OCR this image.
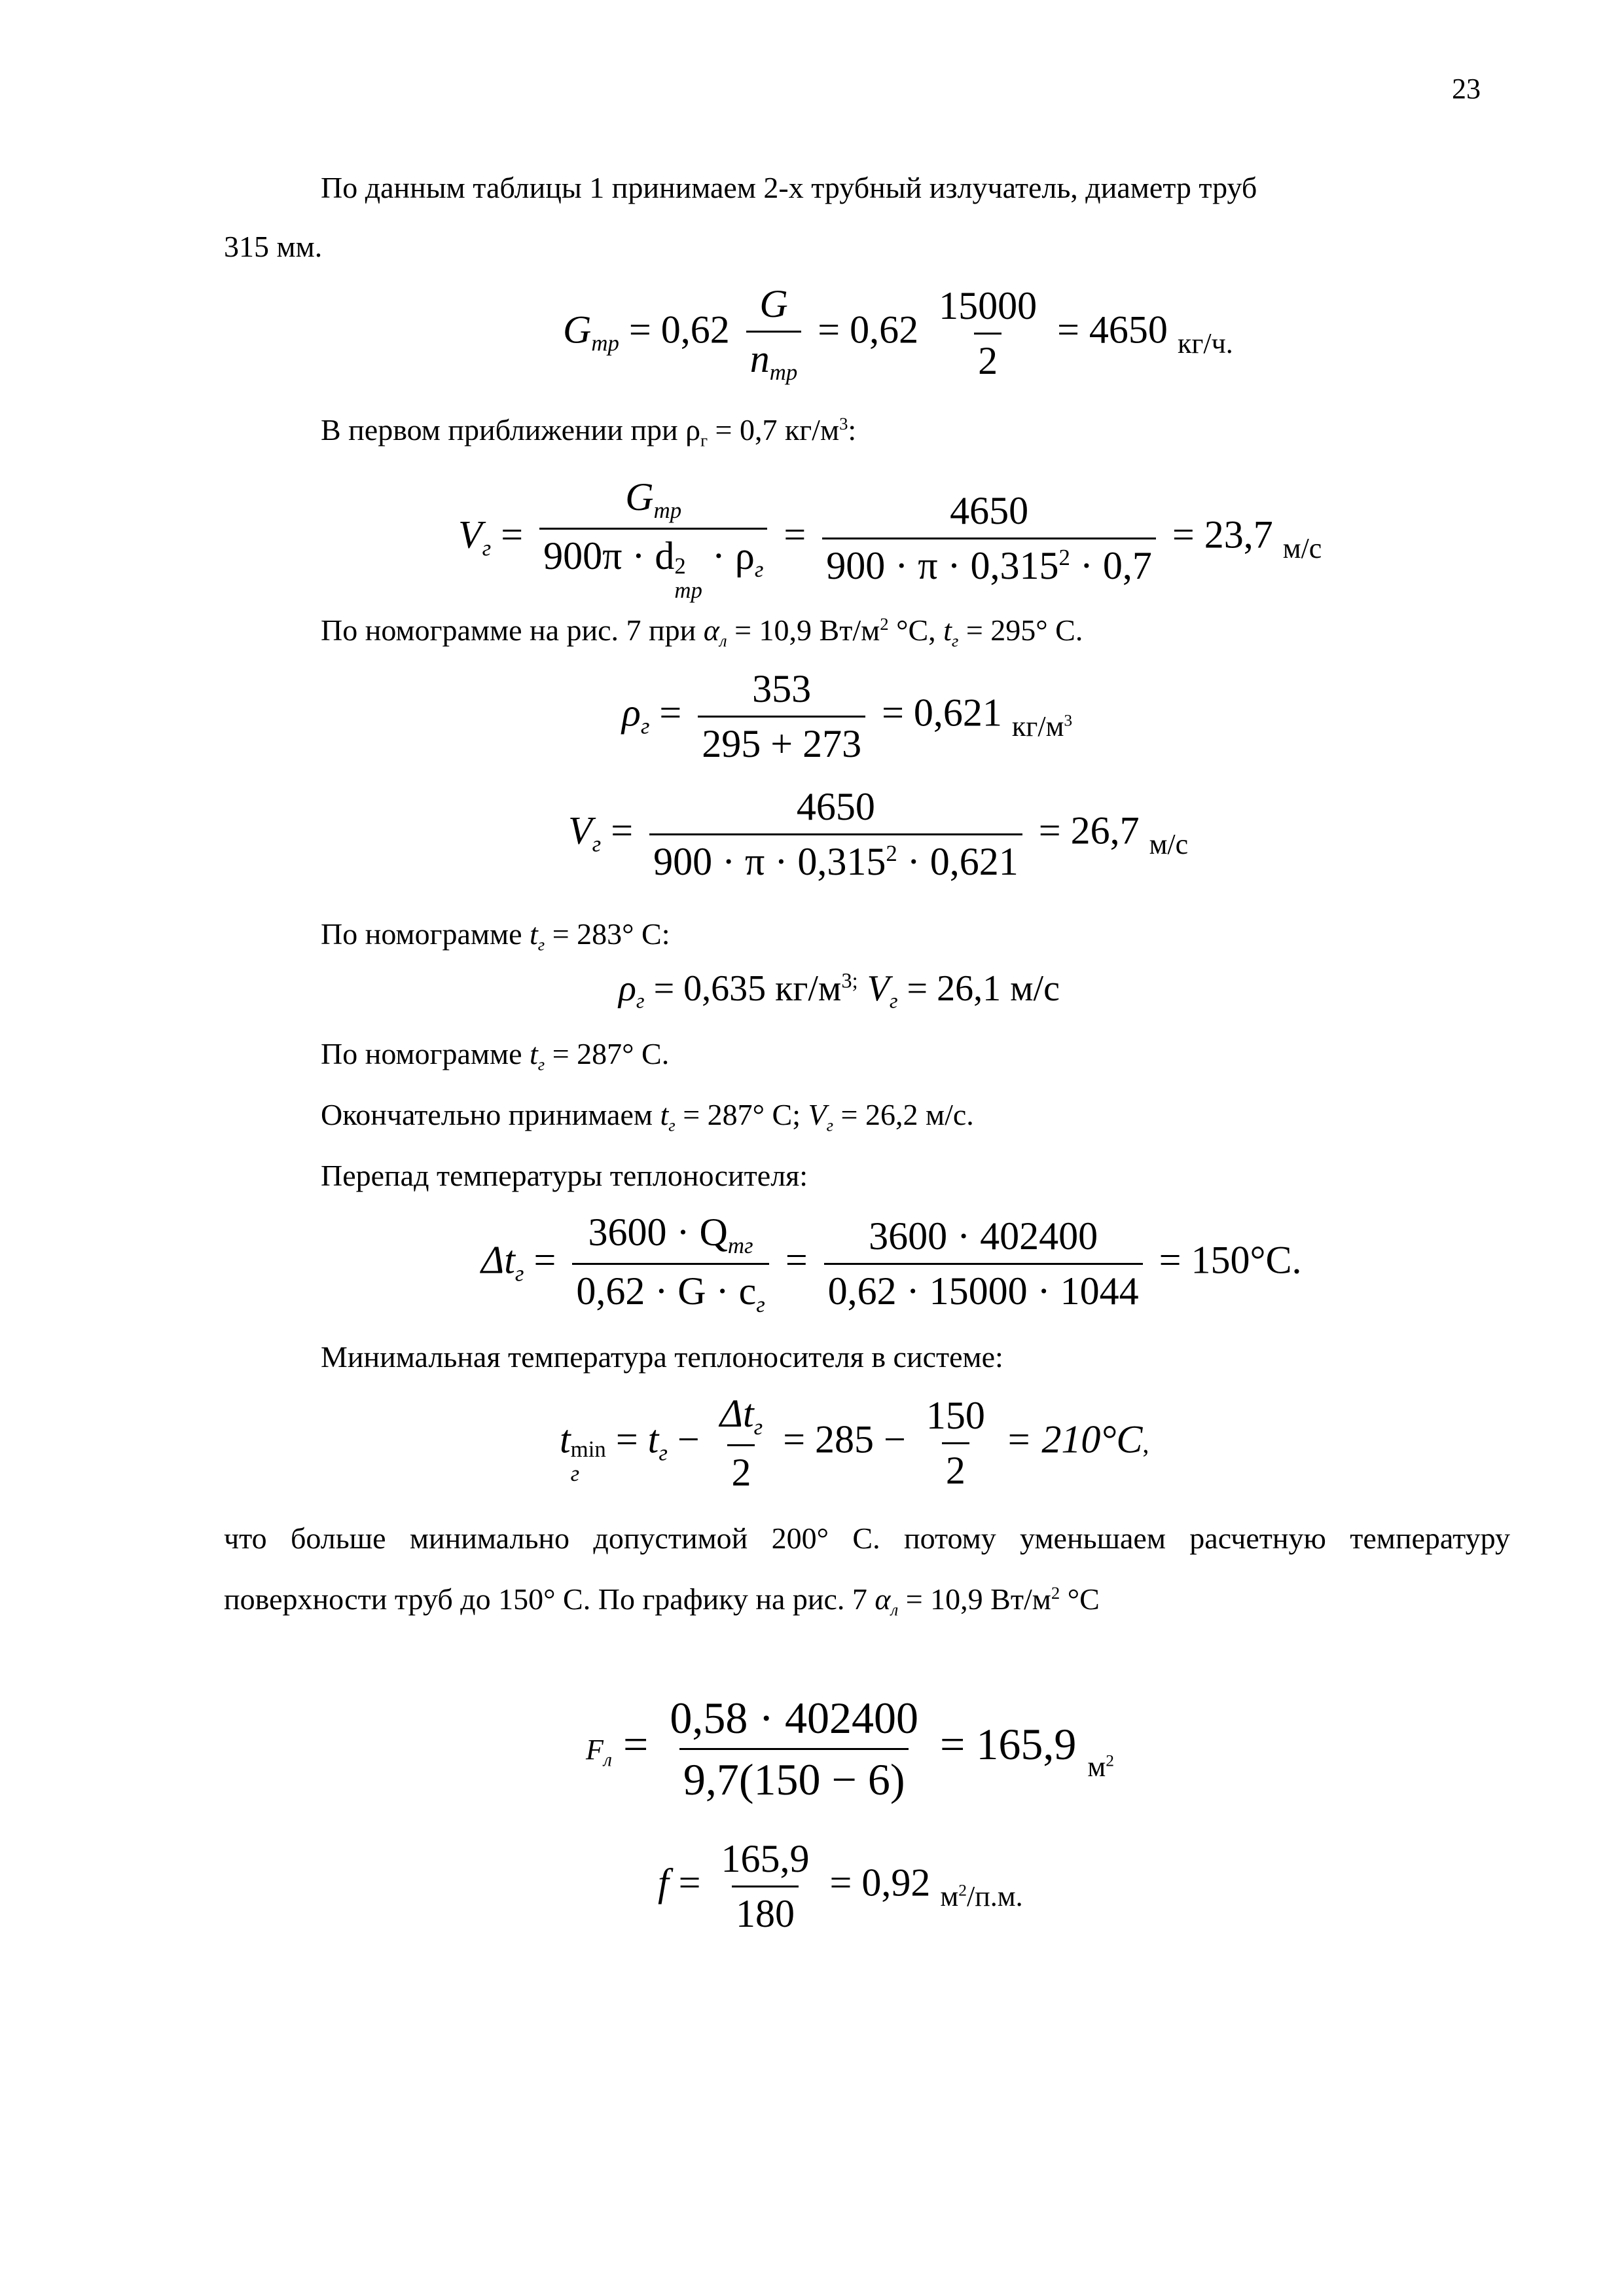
23
По данным таблицы 1 принимаем 2-х трубный излучатель, диаметр труб
315 мм.
$G_{тр} = 0,62 \frac{G}{n_{тр}} = 0,62 \frac{15000}{2} = 4650$ $_{кг/ч.}$
В первом приближении при $\rho_г = 0,7$ $кг/м^3$:
$V_г = G_{тр}$
900π · d 2
тр
· $\rho_г = \frac{4650}{900 \cdot \pi \cdot 0,315^2 \cdot 0,7} = 23,7$ $_{м/с}$
По номограмме на рис. 7 при $\alpha_л = 10,9$ $Вт/м^2$ °C, $t_г = 295^\circ$ С.
$\rho_г = \frac{353}{295 + 273} = 0,621$ $_{кг/м^3}$
$V_г = \frac{4650}{900 \cdot \pi \cdot 0,315^2 \cdot 0,621} = 26,7$ $_{м/с}$
По номограмме $t_г = 283^\circ$ С:
$\rho_г = 0,635$ $кг/м^{3;}$ $V_г = 26,1$ м/с
По номограмме $t_г = 287^\circ$ С.
Окончательно принимаем $t_г = 287^\circ$ С; $V_г = 26,2$ м/с.
Перепад температуры теплоносителя:
$\Delta t_г = \frac{3600 \cdot Q_{тг}}{0,62 \cdot G \cdot c_г} = \frac{3600 \cdot 402400}{0,62 \cdot 15000 \cdot 1044} = 150^\circ C$.
Минимальная температура теплоносителя в системе:
t min
г
= $t_г - \frac{\Delta t_г}{2} = 285 - \frac{150}{2} = 210^\circ C$,
что больше минимально допустимой 200° С. потому уменьшаем расчетную температуру
поверхности труб до 150° С. По графику на рис. 7 $\alpha_л = 10,9$ $Вт/м^2$ °C
$F_л = \frac{0,58 \cdot 402400}{9,7(150 - 6)} = 165,9$ $_{м^2}$
$f = \frac{165,9}{180} = 0,92$ $_{м^2/п.м.}$
